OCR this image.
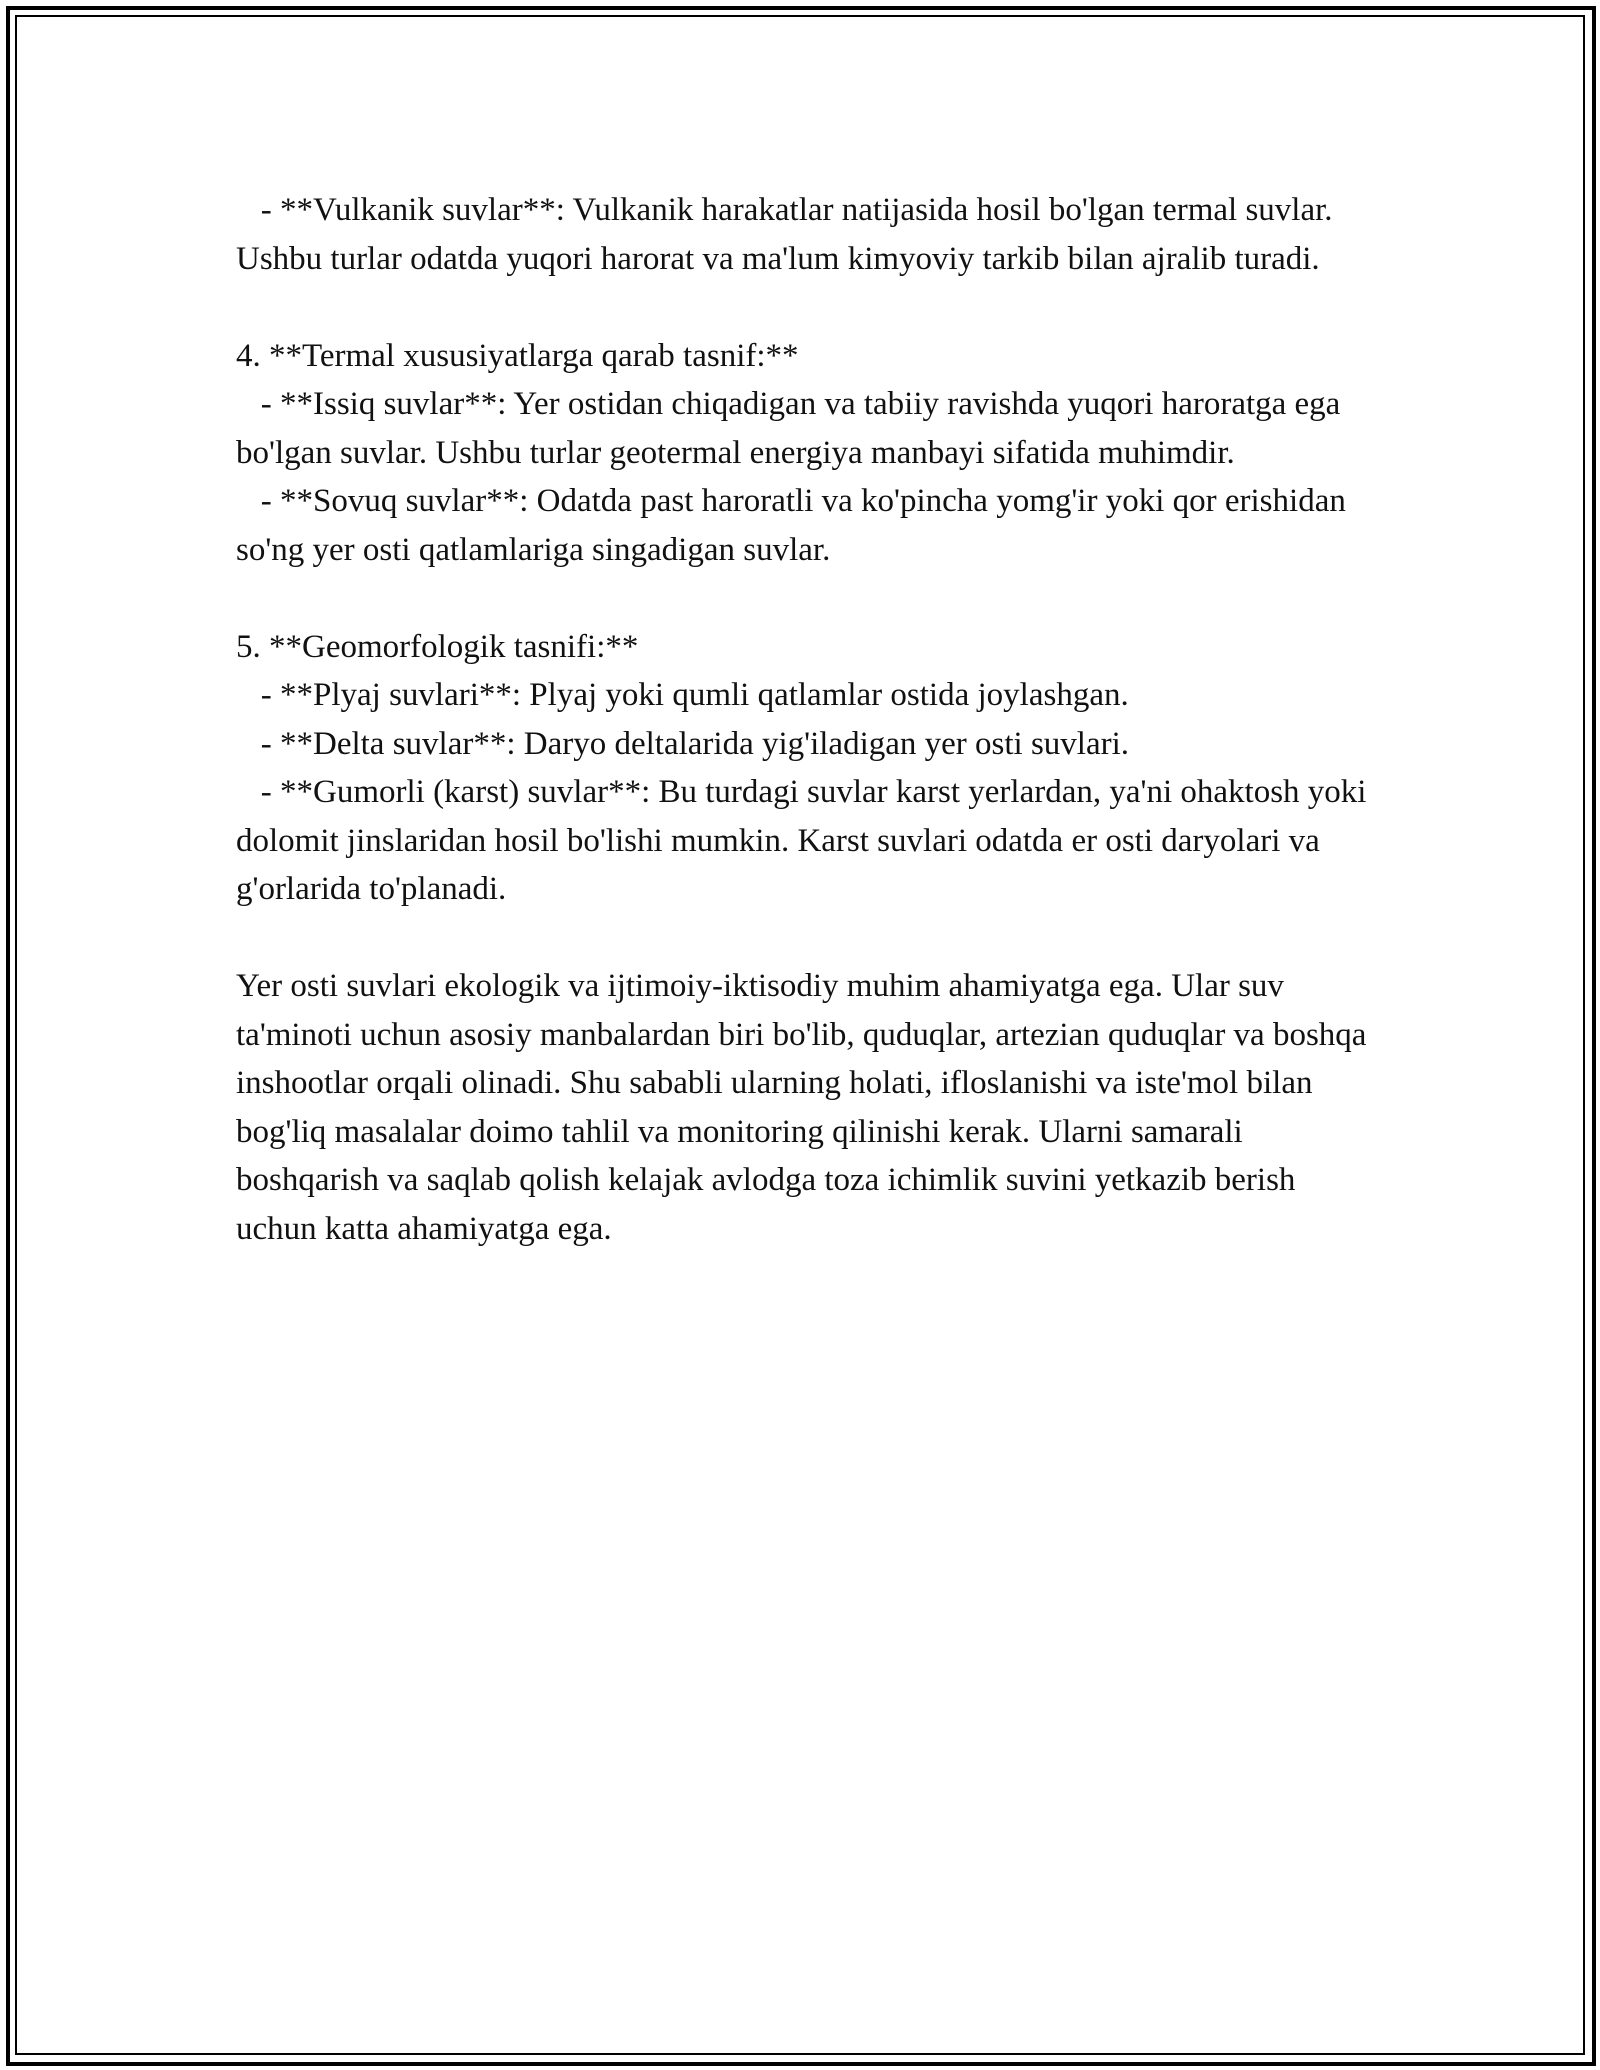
- **Vulkanik suvlar**: Vulkanik harakatlar natijasida hosil bo'lgan termal suvlar. Ushbu turlar odatda yuqori harorat va ma'lum kimyoviy tarkib bilan ajralib turadi.

4. **Termal xususiyatlarga qarab tasnif:**

- **Issiq suvlar**: Yer ostidan chiqadigan va tabiiy ravishda yuqori haroratga ega bo'lgan suvlar. Ushbu turlar geotermal energiya manbayi sifatida muhimdir.

- **Sovuq suvlar**: Odatda past haroratli va ko'pincha yomg'ir yoki qor erishidan so'ng yer osti qatlamlariga singadigan suvlar.

5. **Geomorfologik tasnifi:**

- **Plyaj suvlari**: Plyaj yoki qumli qatlamlar ostida joylashgan.

- **Delta suvlar**: Daryo deltalarida yig'iladigan yer osti suvlari.

- **Gumorli (karst) suvlar**: Bu turdagi suvlar karst yerlardan, ya'ni ohaktosh yoki dolomit jinslaridan hosil bo'lishi mumkin. Karst suvlari odatda er osti daryolari va g'orlarida to'planadi.

Yer osti suvlari ekologik va ijtimoiy-iktisodiy muhim ahamiyatga ega. Ular suv ta'minoti uchun asosiy manbalardan biri bo'lib, quduqlar, artezian quduqlar va boshqa inshootlar orqali olinadi. Shu sababli ularning holati, ifloslanishi va iste'mol bilan bog'liq masalalar doimo tahlil va monitoring qilinishi kerak. Ularni samarali boshqarish va saqlab qolish kelajak avlodga toza ichimlik suvini yetkazib berish uchun katta ahamiyatga ega.
